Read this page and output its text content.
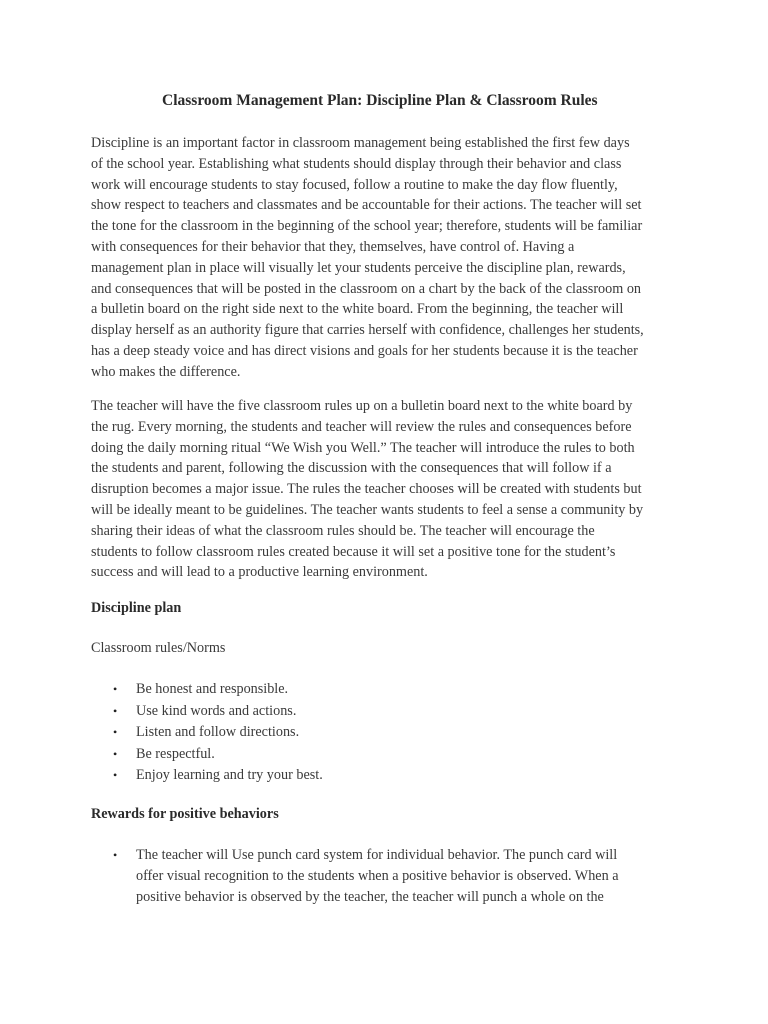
Classroom Management Plan: Discipline Plan & Classroom Rules

Discipline is an important factor in classroom management being established the first few days
of the school year. Establishing what students should display through their behavior and class
work will encourage students to stay focused, follow a routine to make the day flow fluently,
show respect to teachers and classmates and be accountable for their actions. The teacher will set
the tone for the classroom in the beginning of the school year; therefore, students will be familiar
with consequences for their behavior that they, themselves, have control of. Having a
management plan in place will visually let your students perceive the discipline plan, rewards,
and consequences that will be posted in the classroom on a chart by the back of the classroom on
a bulletin board on the right side next to the white board. From the beginning, the teacher will
display herself as an authority figure that carries herself with confidence, challenges her students,
has a deep steady voice and has direct visions and goals for her students because it is the teacher
who makes the difference.

The teacher will have the five classroom rules up on a bulletin board next to the white board by
the rug. Every morning, the students and teacher will review the rules and consequences before
doing the daily morning ritual “We Wish you Well.” The teacher will introduce the rules to both
the students and parent, following the discussion with the consequences that will follow if a
disruption becomes a major issue. The rules the teacher chooses will be created with students but
will be ideally meant to be guidelines. The teacher wants students to feel a sense a community by
sharing their ideas of what the classroom rules should be. The teacher will encourage the
students to follow classroom rules created because it will set a positive tone for the student’s
success and will lead to a productive learning environment.

Discipline plan

Classroom rules/Norms

• Be honest and responsible.
• Use kind words and actions.
• Listen and follow directions.
• Be respectful.
• Enjoy learning and try your best.
Rewards for positive behaviors
• The teacher will Use punch card system for individual behavior. The punch card will
offer visual recognition to the students when a positive behavior is observed. When a
positive behavior is observed by the teacher, the teacher will punch a whole on the
